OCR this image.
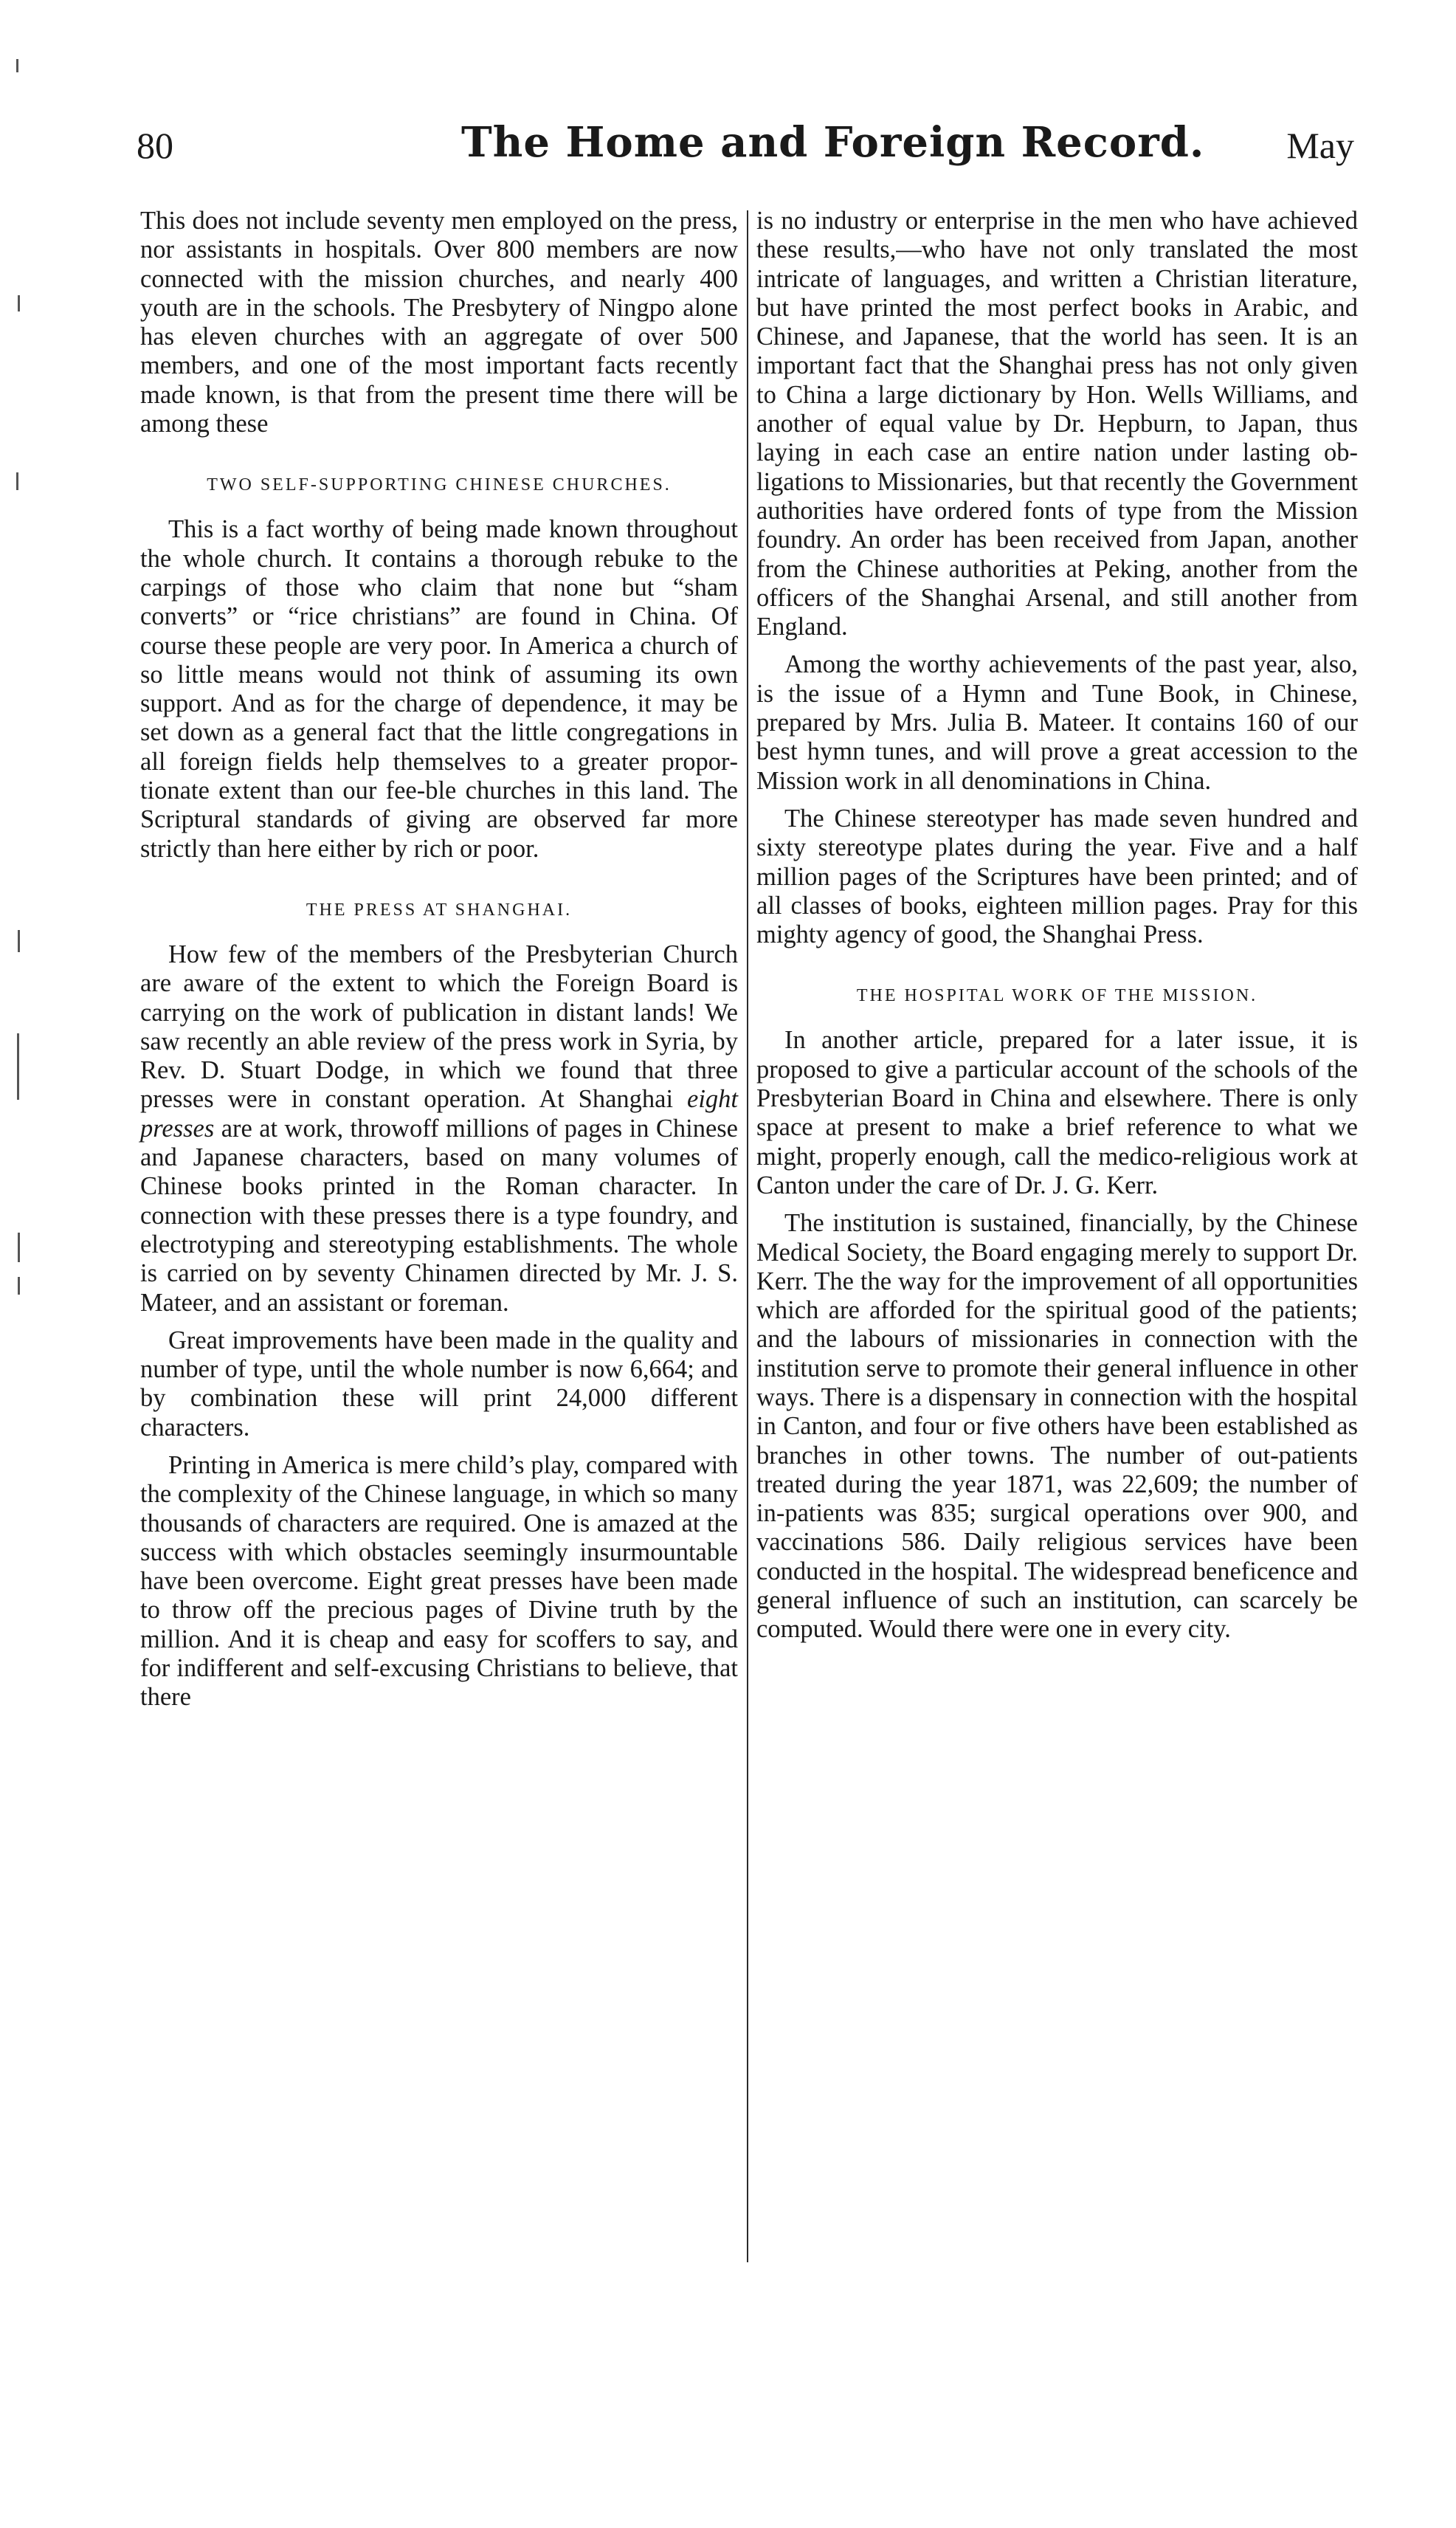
80	The Home and Foreign Record. May

This does not include seventy men employed on the press, nor assistants in hospitals. Over 800 members are now connected with the mission churches, and nearly 400 youth are in the schools. The Presbytery of Ningpo alone has eleven churches with an aggregate of over 500 members, and one of the most important facts recently made known, is that from the present time there will be among these

TWO SELF-SUPPORTING CHINESE CHURCHES.

This is a fact worthy of being made known throughout the whole church. It contains a thorough rebuke to the carpings of those who claim that none but “sham converts” or “rice christians” are found in China. Of course these people are very poor. In America a church of so little means would not think of assuming its own support. And as for the charge of dependence, it may be set down as a general fact that the little congregations in all foreign fields help themselves to a greater proportionate extent than our fee-ble churches in this land. The Scriptural standards of giving are observed far more strictly than here either by rich or poor.

THE PRESS AT SHANGHAI.

How few of the members of the Presbyterian Church are aware of the extent to which the Foreign Board is carrying on the work of publication in distant lands! We saw recently an able review of the press work in Syria, by Rev. D. Stuart Dodge, in which we found that three presses were in constant operation. At Shanghai eight presses are at work, throwoff millions of pages in Chinese and Japanese characters, based on many volumes of Chinese books printed in the Roman character. In connection with these presses there is a type foundry, and electrotyping and stereotyping establishments. The whole is carried on by seventy Chinamen directed by Mr. J. S. Mateer, and an assistant or foreman.

Great improvements have been made in the quality and number of type, until the whole number is now 6,664; and by combination these will print 24,000 different characters.

Printing in America is mere child’s play, compared with the complexity of the Chinese language, in which so many thousands of characters are required. One is amazed at the success with which obstacles seemingly insurmountable have been overcome. Eight great presses have been made to throw off the precious pages of Divine truth by the million. And it is cheap and easy for scoffers to say, and for indifferent and self-excusing Christians to believe, that there

is no industry or enterprise in the men who have achieved these results,—who have not only translated the most intricate of languages, and written a Christian literature, but have printed the most perfect books in Arabic, and Chinese, and Japanese, that the world has seen. It is an important fact that the Shanghai press has not only given to China a large dictionary by Hon. Wells Williams, and another of equal value by Dr. Hepburn, to Japan, thus laying in each case an entire nation under lasting obligations to Missionaries, but that recently the Government authorities have ordered fonts of type from the Mission foundry. An order has been received from Japan, another from the Chinese authorities at Peking, another from the officers of the Shanghai Arsenal, and still another from England.

Among the worthy achievements of the past year, also, is the issue of a Hymn and Tune Book, in Chinese, prepared by Mrs. Julia B. Mateer. It contains 160 of our best hymn tunes, and will prove a great accession to the Mission work in all denominations in China.

The Chinese stereotyper has made seven hundred and sixty stereotype plates during the year. Five and a half million pages of the Scriptures have been printed; and of all classes of books, eighteen million pages. Pray for this mighty agency of good, the Shanghai Press.

THE HOSPITAL WORK OF THE MISSION.

In another article, prepared for a later issue, it is proposed to give a particular account of the schools of the Presbyterian Board in China and elsewhere. There is only space at present to make a brief reference to what we might, properly enough, call the medico-religious work at Canton under the care of Dr. J. G. Kerr.

The institution is sustained, financially, by the Chinese Medical Society, the Board engaging merely to support Dr. Kerr. The the way for the improvement of all opportunities which are afforded for the spiritual good of the patients; and the labours of missionaries in connection with the institution serve to promote their general influence in other ways. There is a dispensary in connection with the hospital in Canton, and four or five others have been established as branches in other towns. The number of out-patients treated during the year 1871, was 22,609; the number of in-patients was 835; surgical operations over 900, and vaccinations 586. Daily religious services have been conducted in the hospital. The widespread beneficence and general influence of such an institution, can scarcely be computed. Would there were one in every city.
